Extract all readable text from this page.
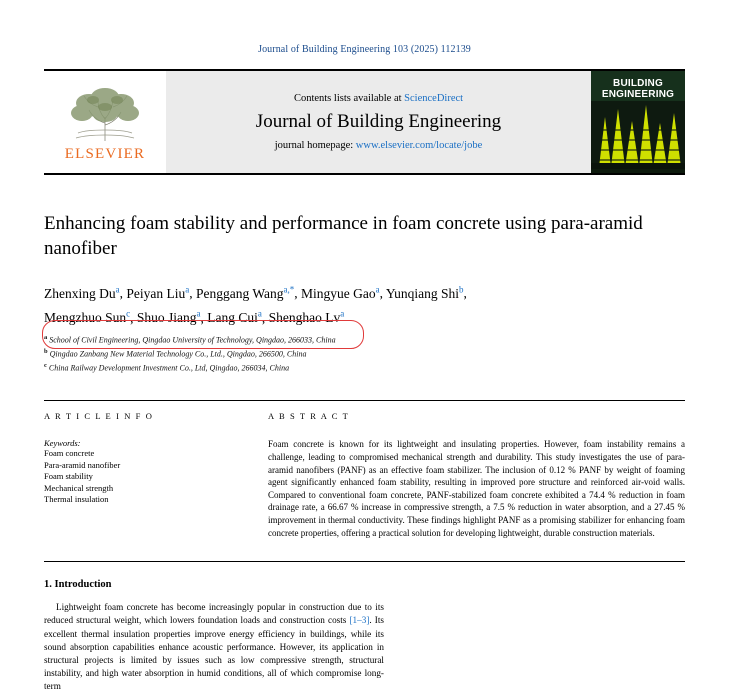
Journal of Building Engineering 103 (2025) 112139
ELSEVIER
Contents lists available at ScienceDirect
Journal of Building Engineering
journal homepage: www.elsevier.com/locate/jobe
BUILDING
ENGINEERING
Enhancing foam stability and performance in foam concrete using para-aramid nanofiber
Zhenxing Du$^a$, Peiyan Liu$^a$, Penggang Wang$^{a,*}$, Mingyue Gao$^a$, Yunqiang Shi$^b$,
Mengzhuo Sun$^c$, Shuo Jiang$^a$, Lang Cui$^a$, Shenghao Lv$^a$
$^a$ School of Civil Engineering, Qingdao University of Technology, Qingdao, 266033, China
$^b$ Qingdao Zanbang New Material Technology Co., Ltd., Qingdao, 266500, China
$^c$ China Railway Development Investment Co., Ltd, Qingdao, 266034, China
A R T I C L E I N F O
Keywords:
Foam concrete
Para-aramid nanofiber
Foam stability
Mechanical strength
Thermal insulation
A B S T R A C T
Foam concrete is known for its lightweight and insulating properties. However, foam instability remains a challenge, leading to compromised mechanical strength and durability. This study investigates the use of para-aramid nanofibers (PANF) as an effective foam stabilizer. The inclusion of 0.12 % PANF by weight of foaming agent significantly enhanced foam stability, resulting in improved pore structure and reinforced air-void walls. Compared to conventional foam concrete, PANF-stabilized foam concrete exhibited a 74.4 % reduction in foam drainage rate, a 66.67 % increase in compressive strength, a 7.5 % reduction in water absorption, and a 27.45 % improvement in thermal conductivity. These findings highlight PANF as a promising stabilizer for enhancing foam concrete properties, offering a practical solution for developing lightweight, durable construction materials.
1. Introduction
Lightweight foam concrete has become increasingly popular in construction due to its reduced structural weight, which lowers foundation loads and construction costs [1–3]. Its excellent thermal insulation properties improve energy efficiency in buildings, while its sound absorption capabilities enhance acoustic performance. However, its application in structural projects is limited by issues such as low compressive strength, structural instability, and high water absorption in humid conditions, all of which compromise long-term
